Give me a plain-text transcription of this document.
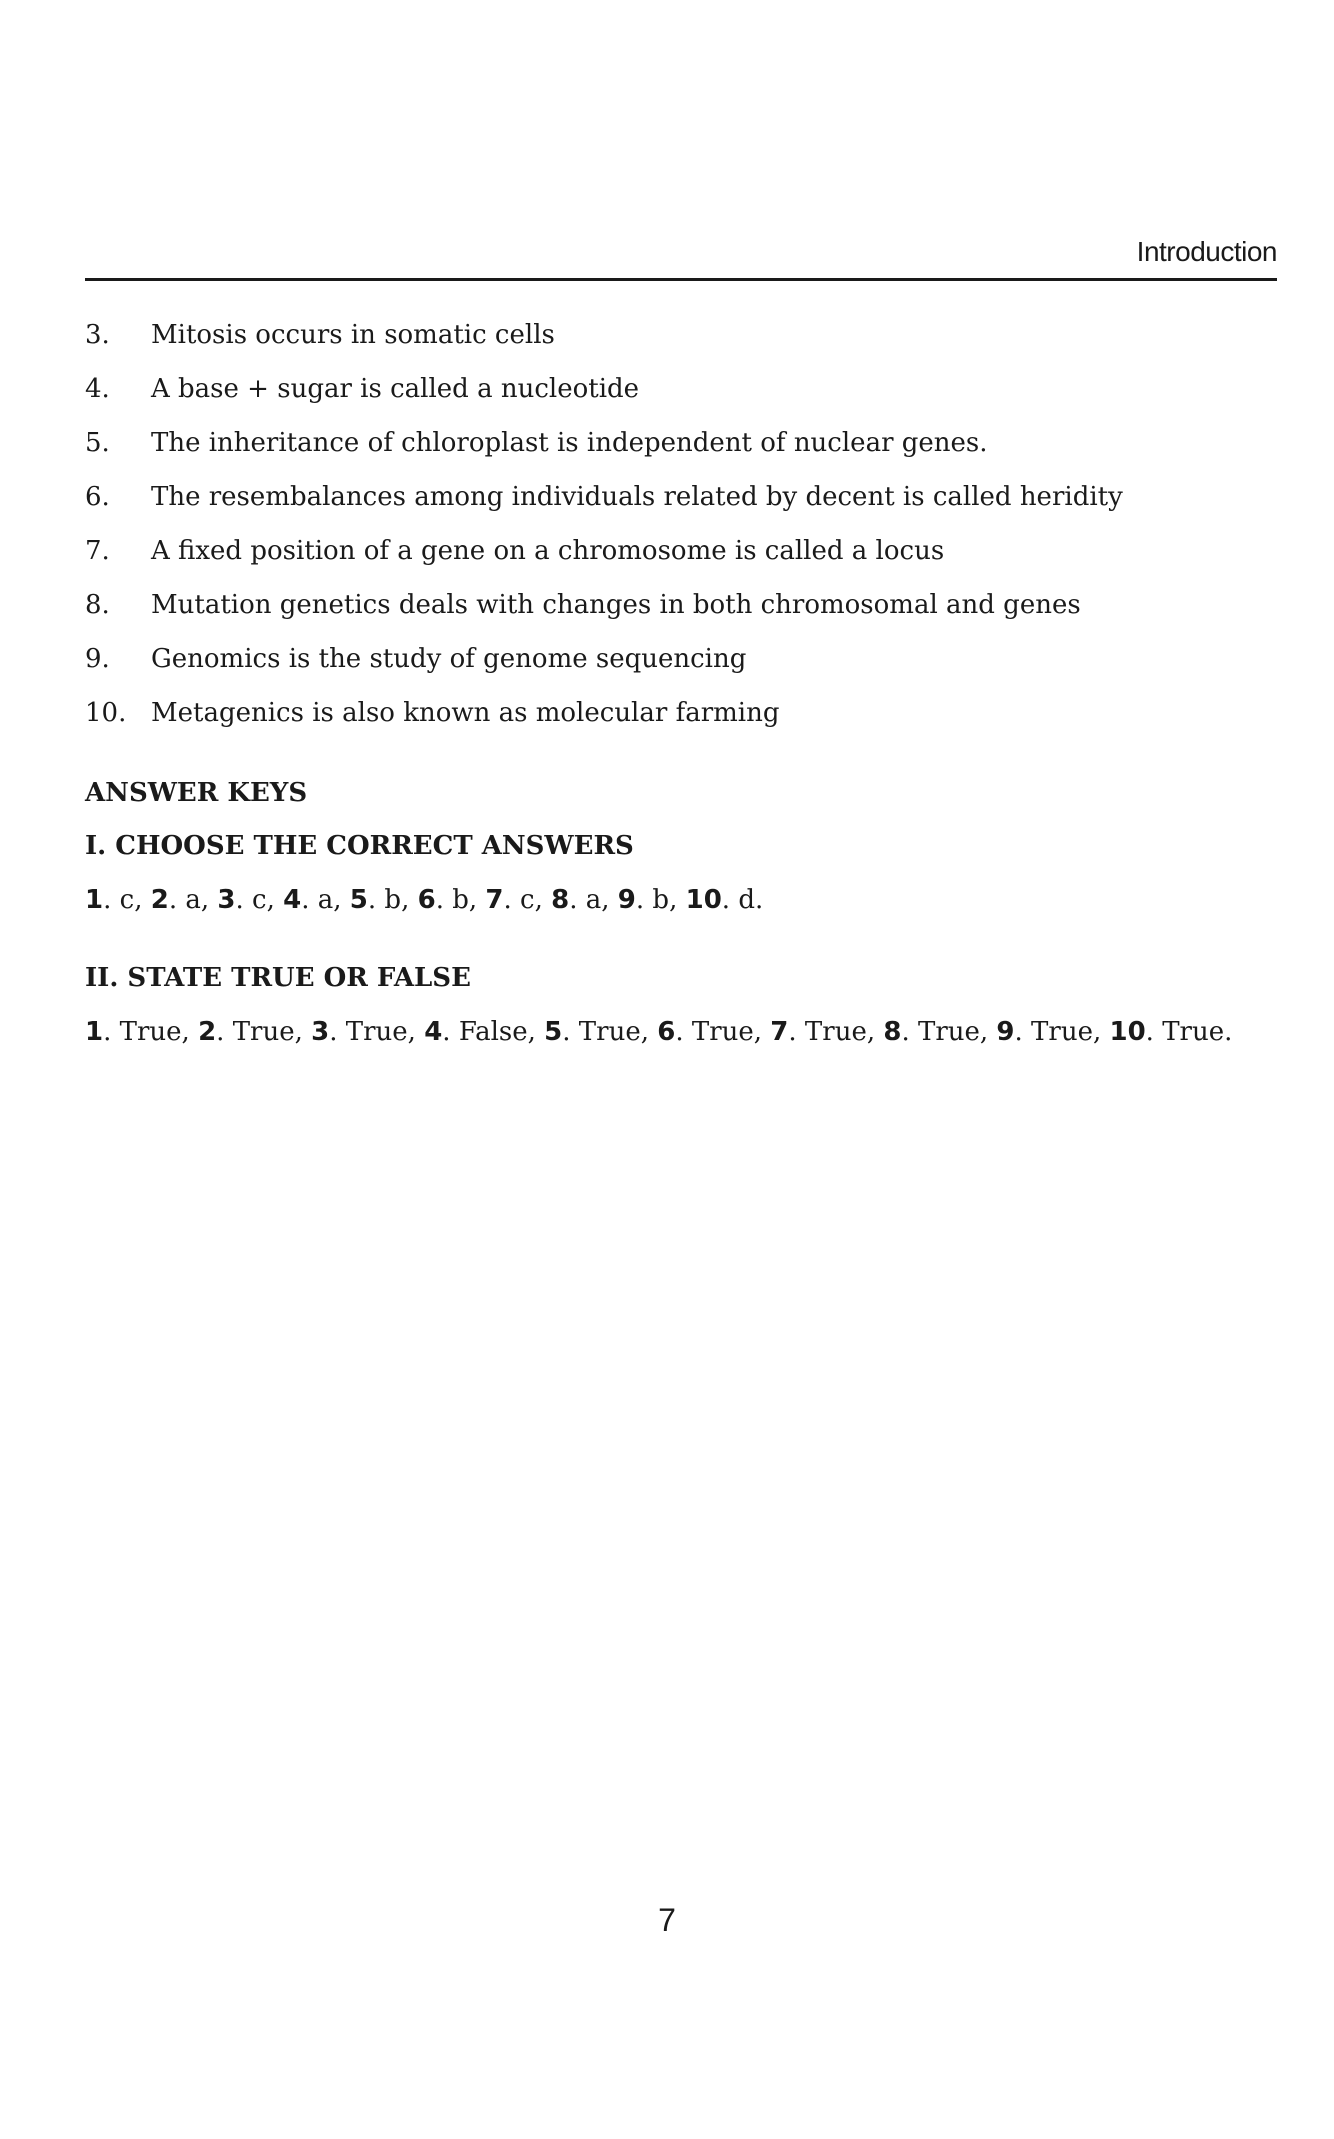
Introduction
3. Mitosis occurs in somatic cells
4. A base + sugar is called a nucleotide
5. The inheritance of chloroplast is independent of nuclear genes.
6. The resembalances among individuals related by decent is called heridity
7. A fixed position of a gene on a chromosome is called a locus
8. Mutation genetics deals with changes in both chromosomal and genes
9. Genomics is the study of genome sequencing
10. Metagenics is also known as molecular farming
ANSWER KEYS
I. CHOOSE THE CORRECT ANSWERS
1. c, 2. a, 3. c, 4. a, 5. b, 6. b, 7. c, 8. a, 9. b, 10. d.
II. STATE TRUE OR FALSE
1. True, 2. True, 3. True, 4. False, 5. True, 6. True, 7. True, 8. True, 9. True, 10. True.
7
